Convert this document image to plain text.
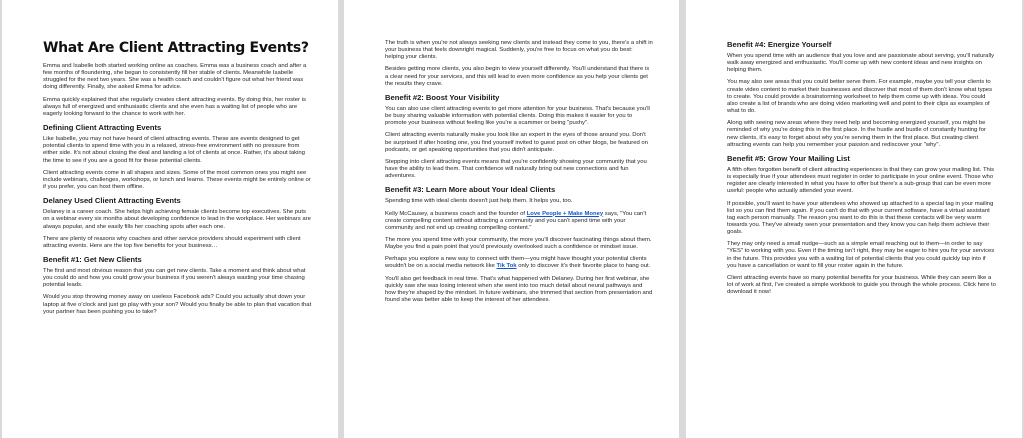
What Are Client Attracting Events?

Emma and Isabelle both started working online as coaches. Emma was a business coach and after a few months of floundering, she began to consistently fill her stable of clients. Meanwhile Isabelle struggled for the next two years. She was a health coach and couldn't figure out what her friend was doing differently. Finally, she asked Emma for advice.

Emma quickly explained that she regularly creates client attracting events. By doing this, her roster is always full of energized and enthusiastic clients and she even has a waiting list of people who are eagerly looking forward to the chance to work with her.

Defining Client Attracting Events

Like Isabelle, you may not have heard of client attracting events. These are events designed to get potential clients to spend time with you in a relaxed, stress-free environment with no pressure from either side. It's not about closing the deal and landing a lot of clients at once. Rather, it's about taking the time to see if you are a good fit for these potential clients.

Client attracting events come in all shapes and sizes. Some of the most common ones you might see include webinars, challenges, workshops, or lunch and learns. These events might be entirely online or if you prefer, you can host them offline.

Delaney Used Client Attracting Events

Delaney is a career coach. She helps high achieving female clients become top executives. She puts on a webinar every six months about developing confidence to lead in the workplace. Her webinars are always popular, and she easily fills her coaching spots after each one.

There are plenty of reasons why coaches and other service providers should experiment with client attracting events. Here are the top five benefits for your business…

Benefit #1: Get New Clients

The first and most obvious reason that you can get new clients. Take a moment and think about what you could do and how you could grow your business if you weren't always wasting your time chasing potential leads.

Would you stop throwing money away on useless Facebook ads? Could you actually shut down your laptop at five o'clock and just go play with your son? Would you finally be able to plan that vacation that your partner has been pushing you to take?

The truth is when you're not always seeking new clients and instead they come to you, there's a shift in your business that feels downright magical. Suddenly, you're free to focus on what you do best: helping your clients.

Besides getting more clients, you also begin to view yourself differently. You'll understand that there is a clear need for your services, and this will lead to even more confidence as you help your clients get the results they crave.

Benefit #2: Boost Your Visibility

You can also use client attracting events to get more attention for your business. That's because you'll be busy sharing valuable information with potential clients. Doing this makes it easier for you to promote your business without feeling like you're a scammer or being "pushy".

Client attracting events naturally make you look like an expert in the eyes of those around you. Don't be surprised if after hosting one, you find yourself invited to guest post on other blogs, be featured on podcasts, or get speaking opportunities that you didn't anticipate.

Stepping into client attracting events means that you're confidently showing your community that you have the ability to lead them. That confidence will naturally bring out new connections and fun adventures.

Benefit #3: Learn More about Your Ideal Clients

Spending time with ideal clients doesn't just help them. It helps you, too.

Kelly McCausey, a business coach and the founder of Love People + Make Money says, "You can't create compelling content without attracting a community and you can't spend time with your community and not end up creating compelling content."

The more you spend time with your community, the more you'll discover fascinating things about them. Maybe you find a pain point that you'd previously overlooked such a confidence or mindset issue.

Perhaps you explore a new way to connect with them—you might have thought your potential clients wouldn't be on a social media network like Tik Tok only to discover it's their favorite place to hang out.

You'll also get feedback in real time. That's what happened with Delaney. During her first webinar, she quickly saw she was losing interest when she went into too much detail about neural pathways and how they're shaped by the mindset. In future webinars, she trimmed that section from presentation and found she was better able to keep the interest of her attendees.

Benefit #4: Energize Yourself

When you spend time with an audience that you love and are passionate about serving, you'll naturally walk away energized and enthusiastic. You'll come up with new content ideas and new insights on helping them.

You may also see areas that you could better serve them. For example, maybe you tell your clients to create video content to market their businesses and discover that most of them don't know what types to create. You could provide a brainstorming worksheet to help them come up with ideas. You could also create a list of brands who are doing video marketing well and point to their clips as examples of what to do.

Along with seeing new areas where they need help and becoming energized yourself, you might be reminded of why you're doing this in the first place. In the hustle and bustle of constantly hunting for new clients, it's easy to forget about why you're serving them in the first place. But creating client attracting events can help you remember your passion and rediscover your "why".

Benefit #5: Grow Your Mailing List

A fifth often forgotten benefit of client attracting experiences is that they can grow your mailing list. This is especially true if your attendees must register in order to participate in your online event. Those who register are clearly interested in what you have to offer but there's a sub-group that can be even more useful: people who actually attended your event.

If possible, you'll want to have your attendees who showed up attached to a special tag in your mailing list so you can find them again. If you can't do that with your current software, have a virtual assistant tag each person manually. The reason you want to do this is that these contacts will be very warm towards you. They've already seen your presentation and they know you can help them achieve their goals.

They may only need a small nudge—such as a simple email reaching out to them—in order to say "YES" to working with you. Even if the timing isn't right, they may be eager to hire you for your services in the future. This provides you with a waiting list of potential clients that you could quickly tap into if you have a cancellation or want to fill your roster again in the future.

Client attracting events have so many potential benefits for your business. While they can seem like a lot of work at first, I've created a simple workbook to guide you through the whole process. Click here to download it now!
